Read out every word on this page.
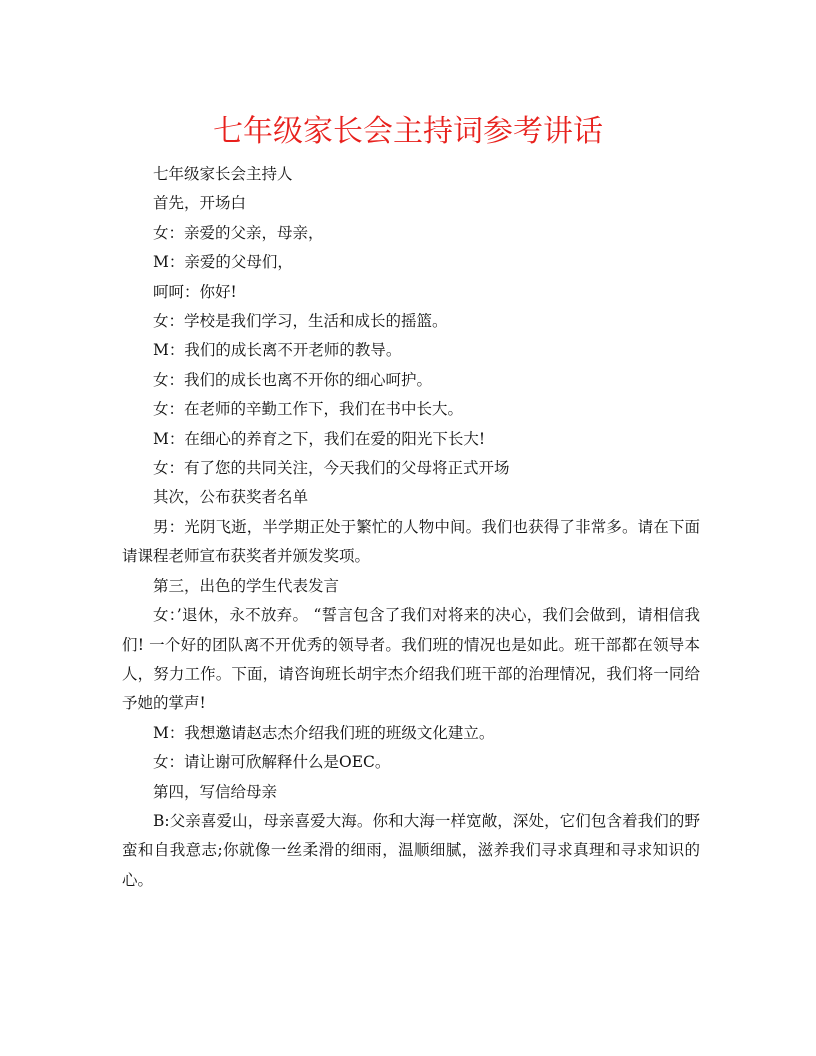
七年级家长会主持词参考讲话

七年级家长会主持人

首先，开场白

女：亲爱的父亲，母亲，

M：亲爱的父母们，

呵呵：你好!

女：学校是我们学习，生活和成长的摇篮。

M：我们的成长离不开老师的教导。

女：我们的成长也离不开你的细心呵护。

女：在老师的辛勤工作下，我们在书中长大。

M：在细心的养育之下，我们在爱的阳光下长大!

女：有了您的共同关注，今天我们的父母将正式开场

其次，公布获奖者名单

男：光阴飞逝，半学期正处于繁忙的人物中间。我们也获得了非常多。请在下面请课程老师宣布获奖者并颁发奖项。

第三，出色的学生代表发言

女：’退休，永不放弃。 “誓言包含了我们对将来的决心，我们会做到，请相信我们! 一个好的团队离不开优秀的领导者。我们班的情况也是如此。班干部都在领导本人，努力工作。下面，请咨询班长胡宇杰介绍我们班干部的治理情况，我们将一同给予她的掌声!

M：我想邀请赵志杰介绍我们班的班级文化建立。

女：请让谢可欣解释什么是OEC。

第四，写信给母亲

B:父亲喜爱山，母亲喜爱大海。你和大海一样宽敞，深处，它们包含着我们的野蛮和自我意志;你就像一丝柔滑的细雨，温顺细腻，滋养我们寻求真理和寻求知识的心。
